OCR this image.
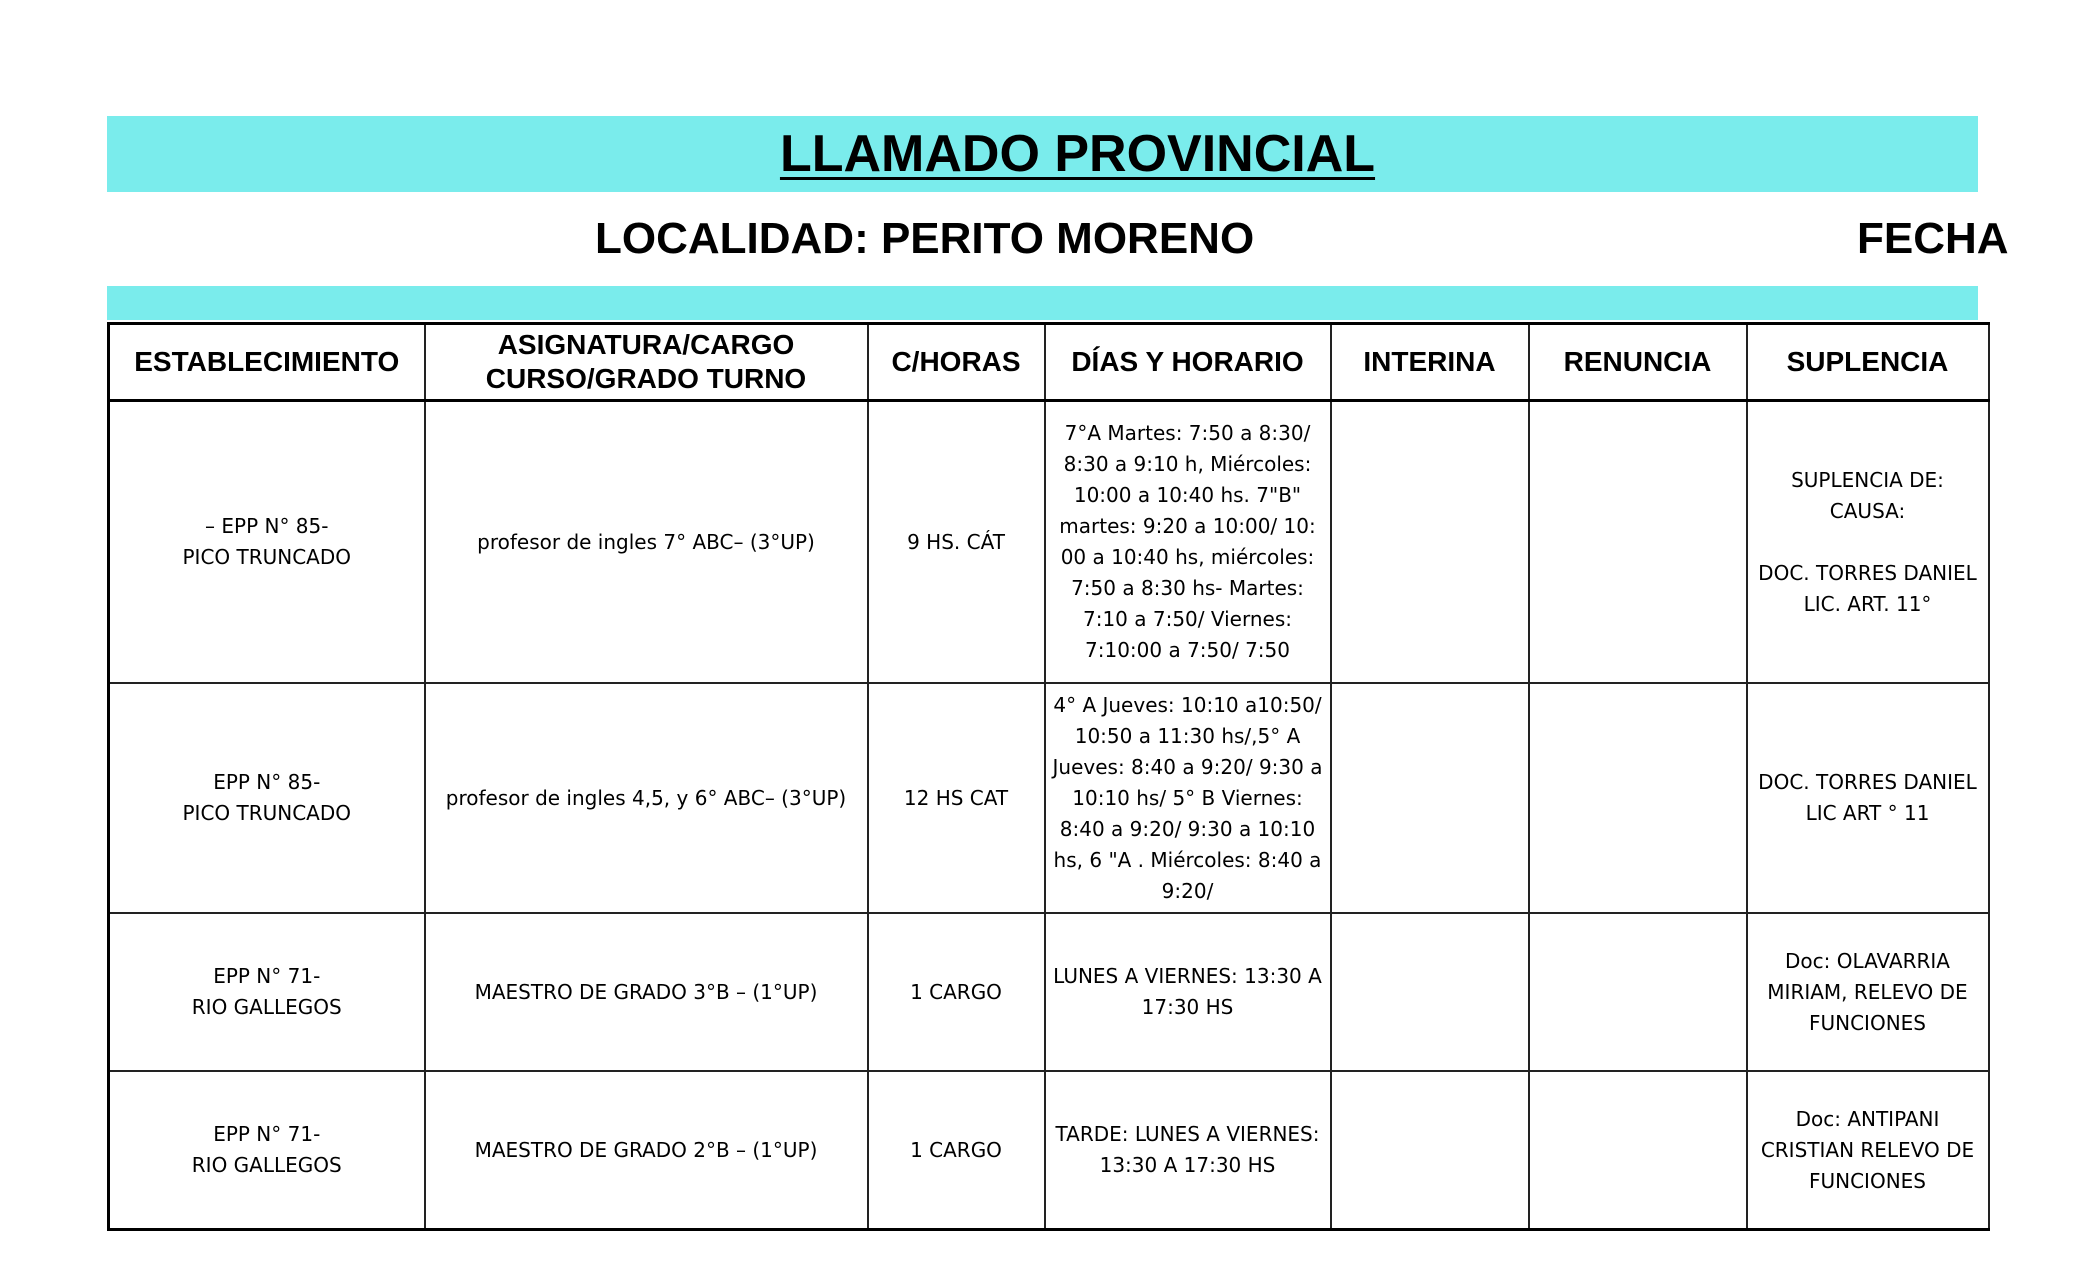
LLAMADO PROVINCIAL
LOCALIDAD: PERITO MORENO	FECHA
ESTABLECIMIENTO	ASIGNATURA/CARGO
CURSO/GRADO TURNO	C/HORAS	DÍAS Y HORARIO	INTERINA	RENUNCIA	SUPLENCIA
– EPP N° 85-
PICO TRUNCADO	profesor de ingles 7° ABC– (3°UP)	9 HS. CÁT	7°A Martes: 7:50 a 8:30/ 8:30 a 9:10 h, Miércoles: 10:00 a 10:40 hs. 7"B" martes: 9:20 a 10:00/ 10: 00 a 10:40 hs, miércoles: 7:50 a 8:30 hs- Martes: 7:10 a 7:50/ Viernes: 7:10:00 a 7:50/ 7:50			SUPLENCIA DE:
CAUSA:

DOC. TORRES DANIEL
LIC. ART. 11°
EPP N° 85-
PICO TRUNCADO	profesor de ingles 4,5, y 6° ABC– (3°UP)	12 HS CAT	4° A Jueves: 10:10 a10:50/ 10:50 a 11:30 hs/,5° A Jueves: 8:40 a 9:20/ 9:30 a 10:10 hs/ 5° B Viernes: 8:40 a 9:20/ 9:30 a 10:10 hs, 6 "A . Miércoles: 8:40 a 9:20/			DOC. TORRES DANIEL
LIC ART ° 11
EPP N° 71-
RIO GALLEGOS	MAESTRO DE GRADO 3°B – (1°UP)	1 CARGO	LUNES A VIERNES: 13:30 A 17:30 HS			Doc: OLAVARRIA MIRIAM, RELEVO DE FUNCIONES
EPP N° 71-
RIO GALLEGOS	MAESTRO DE GRADO 2°B – (1°UP)	1 CARGO	TARDE: LUNES A VIERNES: 13:30 A 17:30 HS			Doc: ANTIPANI CRISTIAN RELEVO DE FUNCIONES
